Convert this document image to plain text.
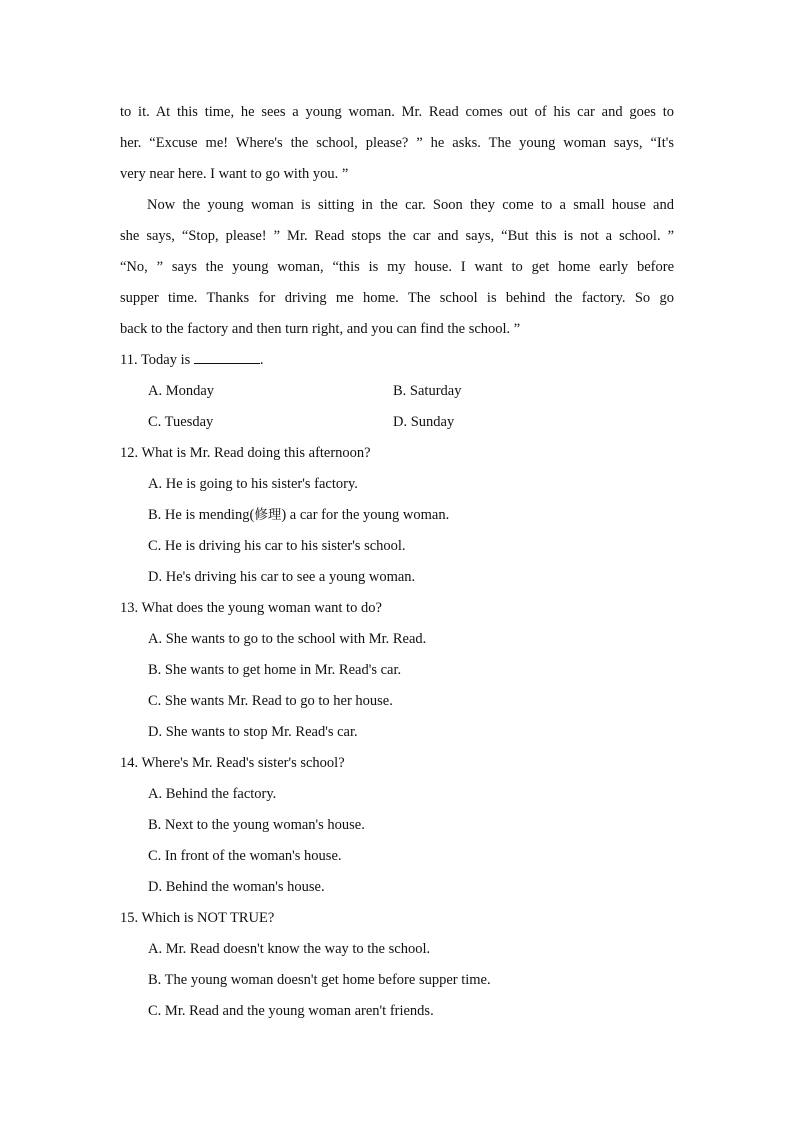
to it. At this time, he sees a young woman. Mr. Read comes out of his car and goes to
her. “Excuse me! Where's the school, please? ” he asks. The young woman says, “It's
very near here. I want to go with you. ”
Now the young woman is sitting in the car. Soon they come to a small house and
she says, “Stop, please! ” Mr. Read stops the car and says, “But this is not a school. ”
“No, ” says the young woman, “this is my house. I want to get home early before
supper time. Thanks for driving me home. The school is behind the factory. So go
back to the factory and then turn right, and you can find the school. ”
11. Today is	.
A. Monday	B. Saturday
C. Tuesday	D. Sunday
12. What is Mr. Read doing this afternoon?
A. He is going to his sister's factory.
B. He is mending(修理) a car for the young woman.
C. He is driving his car to his sister's school.
D. He's driving his car to see a young woman.
13. What does the young woman want to do?
A. She wants to go to the school with Mr. Read.
B. She wants to get home in Mr. Read's car.
C. She wants Mr. Read to go to her house.
D. She wants to stop Mr. Read's car.
14. Where's Mr. Read's sister's school?
A. Behind the factory.
B. Next to the young woman's house.
C. In front of the woman's house.
D. Behind the woman's house.
15. Which is NOT TRUE?
A. Mr. Read doesn't know the way to the school.
B. The young woman doesn't get home before supper time.
C. Mr. Read and the young woman aren't friends.
